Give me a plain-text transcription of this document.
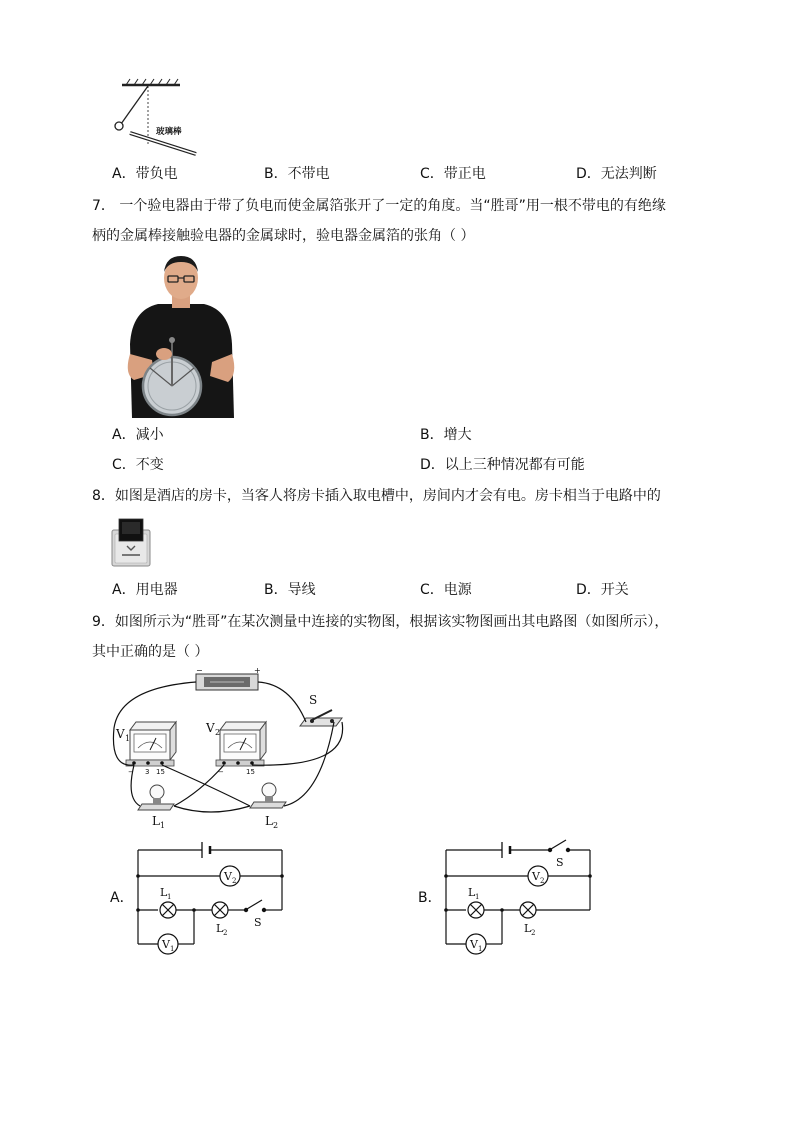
玻璃棒
A．带负电	B．不带电	C．带正电	D．无法判断
7． 一个验电器由于带了负电而使金属箔张开了一定的角度。当“胜哥”用一根不带电的有绝缘
柄的金属棒接触验电器的金属球时，验电器金属箔的张角（ ）
A．减小	B．增大
C．不变	D．以上三种情况都有可能
8．如图是酒店的房卡，当客人将房卡插入取电槽中，房间内才会有电。房卡相当于电路中的
A．用电器	B．导线	C．电源	D．开关
9．如图所示为“胜哥”在某次测量中连接的实物图，根据该实物图画出其电路图（如图所示），
其中正确的是（ ）
−	+
S
V 1
− 3 15
V 2
−	15
L 1	L 2
A．
V 2
L 1
L 2
S
V 1
B．
S
V 2
L 1
L 2
V 1
